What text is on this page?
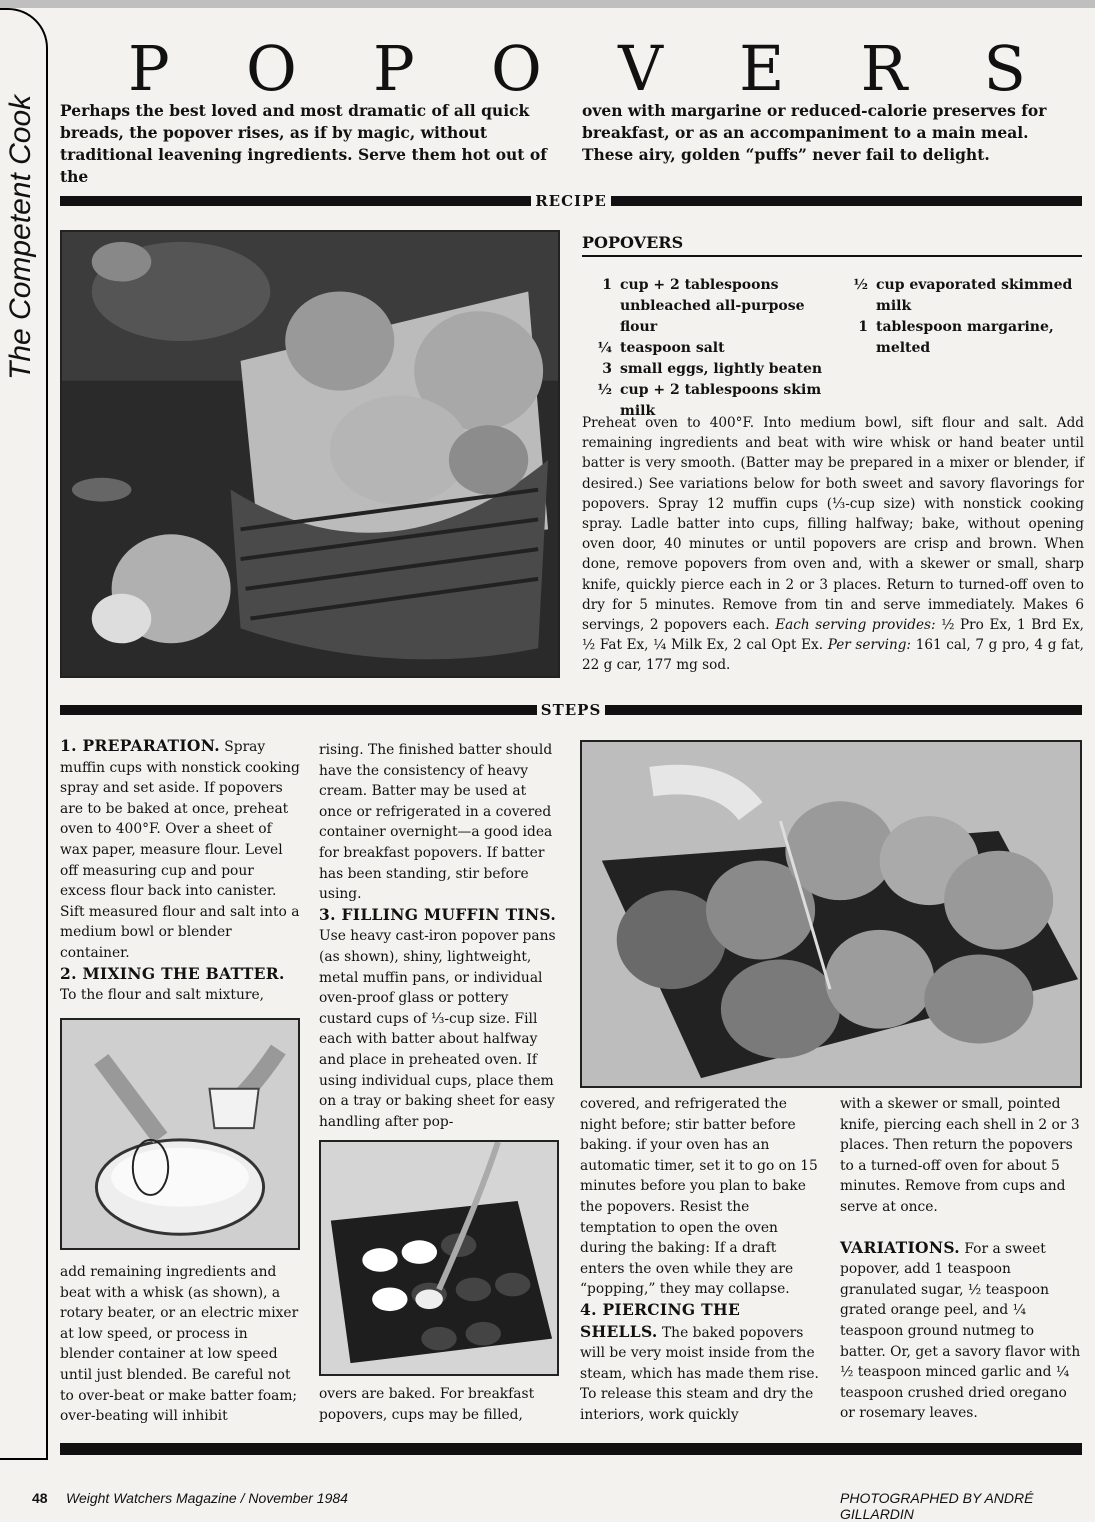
The Competent Cook
P O P O V E R S
Perhaps the best loved and most dramatic of all quick breads, the popover rises, as if by magic, without traditional leavening ingredients. Serve them hot out of the
oven with margarine or reduced-calorie preserves for breakfast, or as an accompaniment to a main meal. These airy, golden “puffs” never fail to delight.
RECIPE
POPOVERS
1 cup + 2 tablespoons unbleached all-purpose flour
¼ teaspoon salt
3 small eggs, lightly beaten
½ cup + 2 tablespoons skim milk
½ cup evaporated skimmed milk
1 tablespoon margarine, melted
Preheat oven to 400°F. Into medium bowl, sift flour and salt. Add remaining ingredients and beat with wire whisk or hand beater until batter is very smooth. (Batter may be prepared in a mixer or blender, if desired.) See variations below for both sweet and savory flavorings for popovers. Spray 12 muffin cups (⅓-cup size) with nonstick cooking spray. Ladle batter into cups, filling halfway; bake, without opening oven door, 40 minutes or until popovers are crisp and brown. When done, remove popovers from oven and, with a skewer or small, sharp knife, quickly pierce each in 2 or 3 places. Return to turned-off oven to dry for 5 minutes. Remove from tin and serve immediately. Makes 6 servings, 2 popovers each. Each serving provides: ½ Pro Ex, 1 Brd Ex, ½ Fat Ex, ¼ Milk Ex, 2 cal Opt Ex. Per serving: 161 cal, 7 g pro, 4 g fat, 22 g car, 177 mg sod.
STEPS

1. PREPARATION. Spray muffin cups with nonstick cooking spray and set aside. If popovers are to be baked at once, preheat oven to 400°F. Over a sheet of wax paper, measure flour. Level off measuring cup and pour excess flour back into canister. Sift measured flour and salt into a medium bowl or blender container.

2. MIXING THE BATTER.

To the flour and salt mixture,

add remaining ingredients and beat with a whisk (as shown), a rotary beater, or an electric mixer at low speed, or process in blender container at low speed until just blended. Be careful not to over-beat or make batter foam; over-beating will inhibit

rising. The finished batter should have the consistency of heavy cream. Batter may be used at once or refrigerated in a covered container overnight—a good idea for breakfast popovers. If batter has been standing, stir before using.

3. FILLING MUFFIN TINS. Use heavy cast-iron popover pans (as shown), shiny, lightweight, metal muffin pans, or individual oven-proof glass or pottery custard cups of ⅓-cup size. Fill each with batter about halfway and place in preheated oven. If using individual cups, place them on a tray or baking sheet for easy handling after pop-

overs are baked. For breakfast popovers, cups may be filled,

covered, and refrigerated the night before; stir batter before baking. if your oven has an automatic timer, set it to go on 15 minutes before you plan to bake the popovers. Resist the temptation to open the oven during the baking: If a draft enters the oven while they are “popping,” they may collapse.

4. PIERCING THE SHELLS. The baked popovers will be very moist inside from the steam, which has made them rise. To release this steam and dry the interiors, work quickly

with a skewer or small, pointed knife, piercing each shell in 2 or 3 places. Then return the popovers to a turned-off oven for about 5 minutes. Remove from cups and serve at once.

VARIATIONS. For a sweet popover, add 1 teaspoon granulated sugar, ½ teaspoon grated orange peel, and ¼ teaspoon ground nutmeg to batter. Or, get a savory flavor with ½ teaspoon minced garlic and ¼ teaspoon crushed dried oregano or rosemary leaves.

48 Weight Watchers Magazine / November 1984	PHOTOGRAPHED BY ANDRÉ GILLARDIN
